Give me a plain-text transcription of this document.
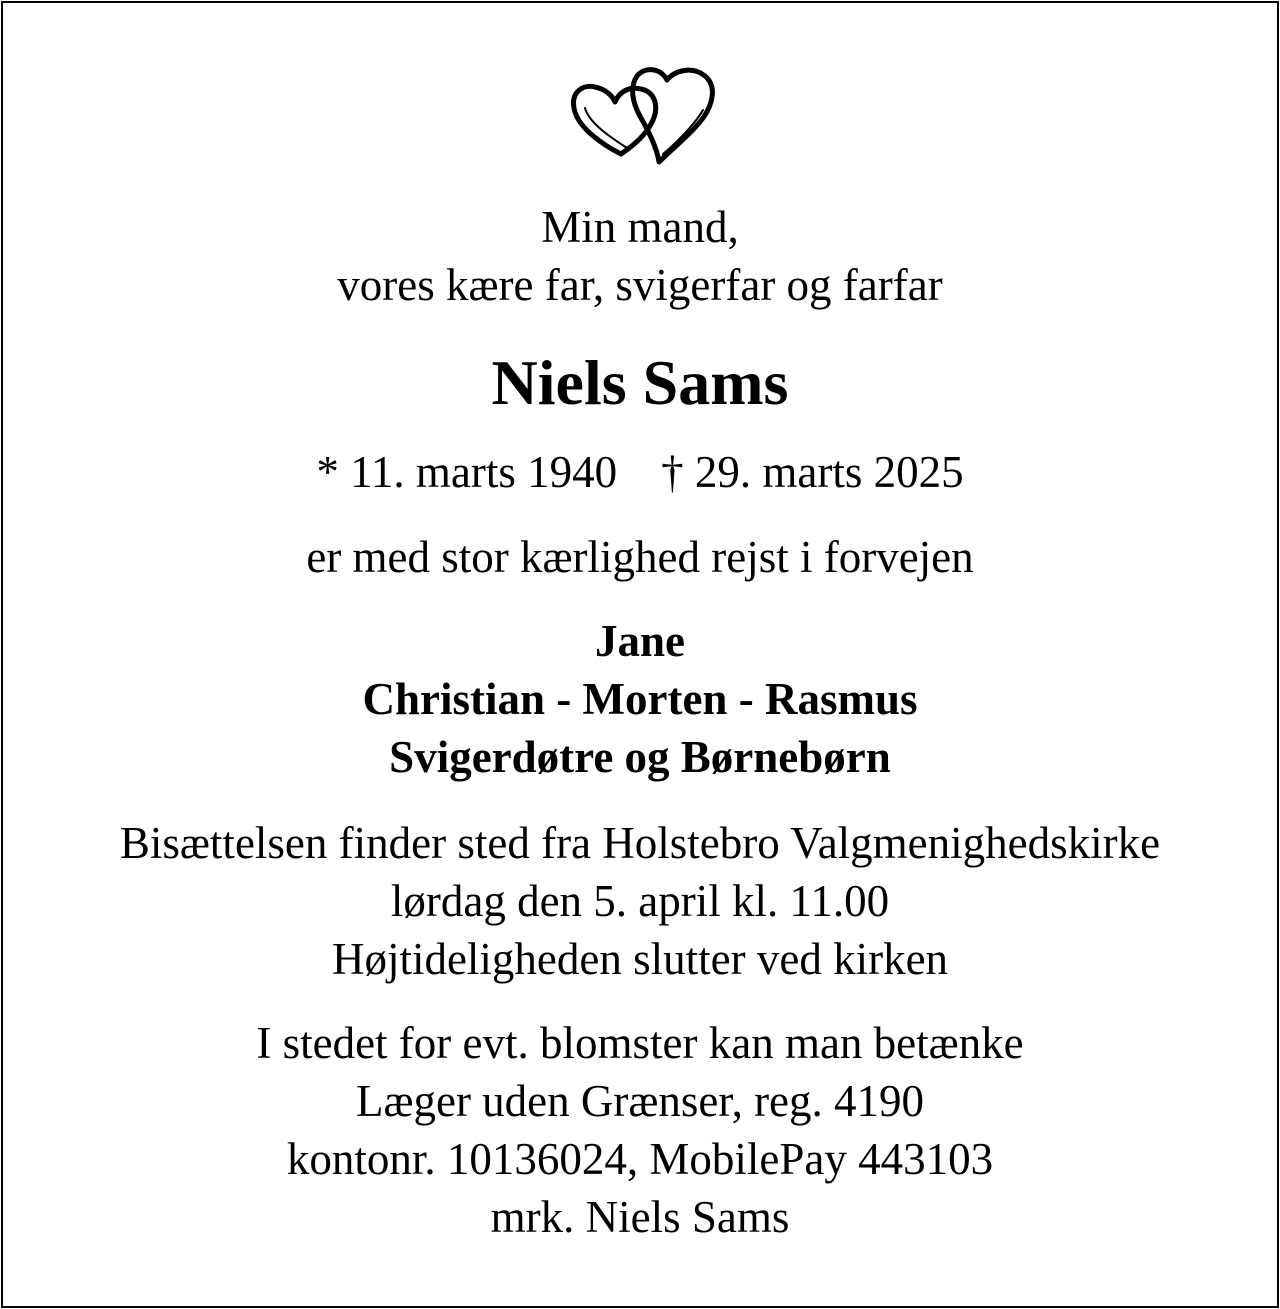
Min mand,

vores kære far, svigerfar og farfar

Niels Sams

* 11. marts 1940 † 29. marts 2025

er med stor kærlighed rejst i forvejen

Jane

Christian - Morten - Rasmus

Svigerdøtre og Børnebørn

Bisættelsen finder sted fra Holstebro Valgmenighedskirke

lørdag den 5. april kl. 11.00

Højtideligheden slutter ved kirken

I stedet for evt. blomster kan man betænke

Læger uden Grænser, reg. 4190

kontonr. 10136024, MobilePay 443103

mrk. Niels Sams
